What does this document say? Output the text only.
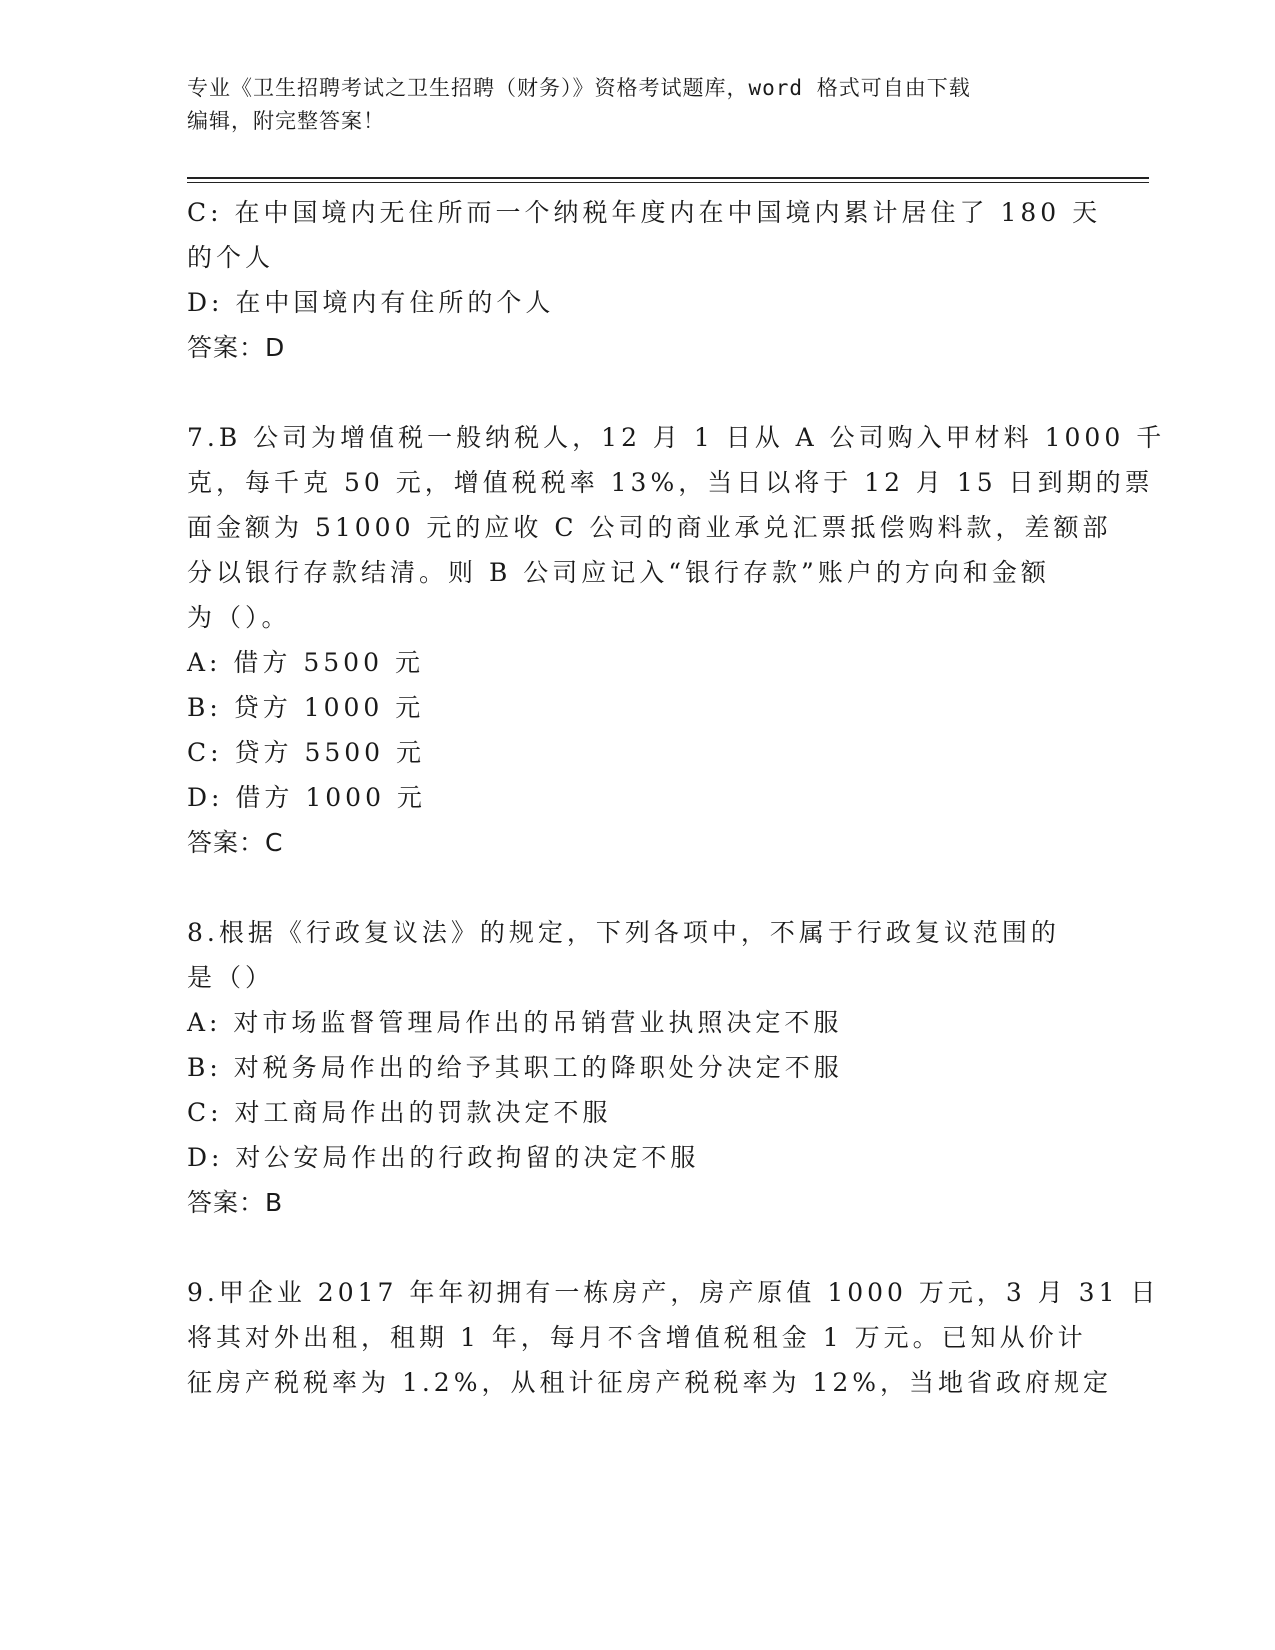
专业《卫生招聘考试之卫生招聘（财务）》资格考试题库，word 格式可自由下载
编辑，附完整答案！
C: 在中国境内无住所而一个纳税年度内在中国境内累计居住了 180 天
的个人
D: 在中国境内有住所的个人
答案：D
7.B 公司为增值税一般纳税人，12 月 1 日从 A 公司购入甲材料 1000 千
克，每千克 50 元，增值税税率 13%，当日以将于 12 月 15 日到期的票
面金额为 51000 元的应收 C 公司的商业承兑汇票抵偿购料款，差额部
分以银行存款结清。则 B 公司应记入“银行存款”账户的方向和金额
为（）。
A: 借方 5500 元
B: 贷方 1000 元
C: 贷方 5500 元
D: 借方 1000 元
答案：C
8.根据《行政复议法》的规定，下列各项中，不属于行政复议范围的
是（）
A: 对市场监督管理局作出的吊销营业执照决定不服
B: 对税务局作出的给予其职工的降职处分决定不服
C: 对工商局作出的罚款决定不服
D: 对公安局作出的行政拘留的决定不服
答案：B
9.甲企业 2017 年年初拥有一栋房产，房产原值 1000 万元，3 月 31 日
将其对外出租，租期 1 年，每月不含增值税租金 1 万元。已知从价计
征房产税税率为 1.2%，从租计征房产税税率为 12%，当地省政府规定
